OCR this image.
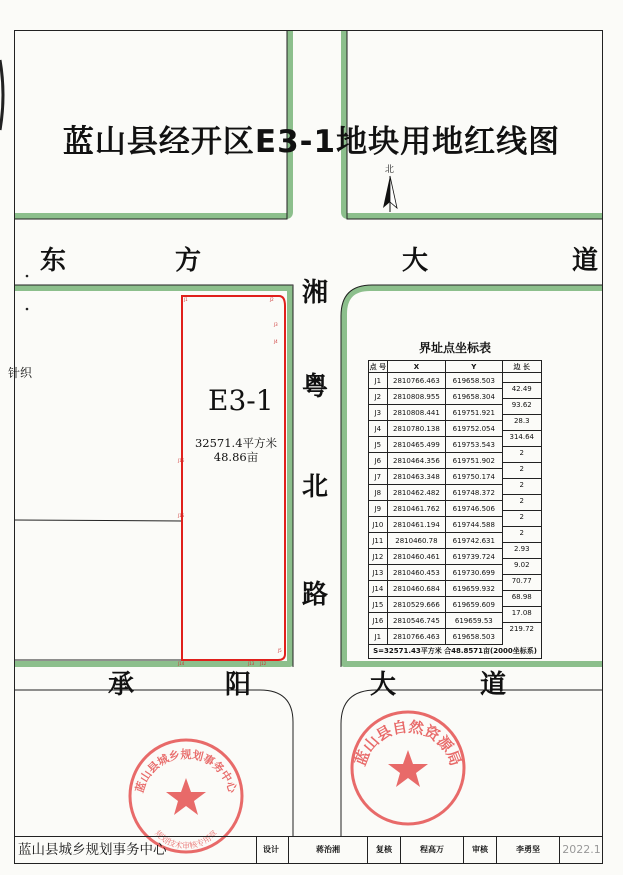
蓝山县经开区E3-1地块用地红线图
北
东	方	大	道
湘
粤
北
路
承	阳	大	道
针织
E3-1
32571.4平方米
48.86亩
J1	J2
J3
J4
J5
J12
J13
J14
J15
J16
界址点坐标表
点 号	X	Y	边 长
J1	2810766.463	619658.503	42.49

J2	2810808.955	619658.304	93.62

J3	2810808.441	619751.921	28.3

J4	2810780.138	619752.054	314.64

J5	2810465.499	619753.543	2

J6	2810464.356	619751.902	2

J7	2810463.348	619750.174	2

J8	2810462.482	619748.372	2

J9	2810461.762	619746.506	2

J10	2810461.194	619744.588	2

J11	2810460.78	619742.631	2.93

J12	2810460.461	619739.724	9.02

J13	2810460.453	619730.699	70.77

J14	2810460.684	619659.932	68.98

J15	2810529.666	619659.609	17.08

J16	2810546.745	619659.53	219.72

J1	2810766.463	619658.503	
S=32571.43平方米 合48.8571亩(2000坐标系)
蓝山县城乡规划事务中心
规划技术审核专用章
蓝山县自然资源局
蓝山县城乡规划事务中心	设计	蒋治湘	复核	程高万	审核	李勇坚	2022.1
